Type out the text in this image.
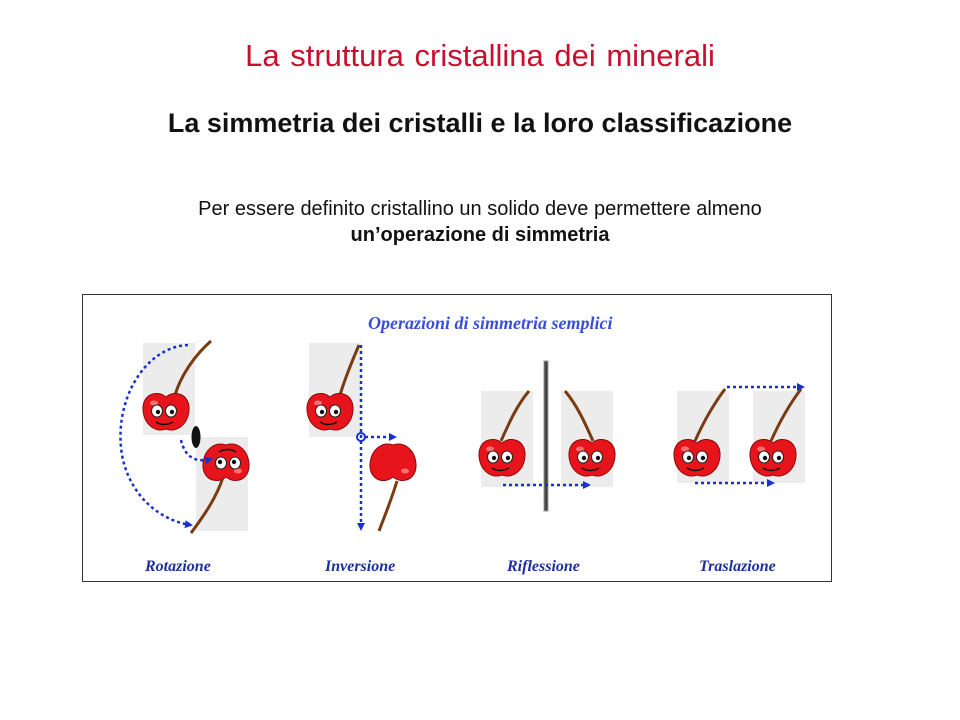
La struttura cristallina dei minerali
La simmetria dei cristalli e la loro classificazione
Per essere definito cristallino un solido deve permettere almeno
un’operazione di simmetria
Operazioni di simmetria semplici
Rotazione	Inversione	Riflessione	Traslazione
